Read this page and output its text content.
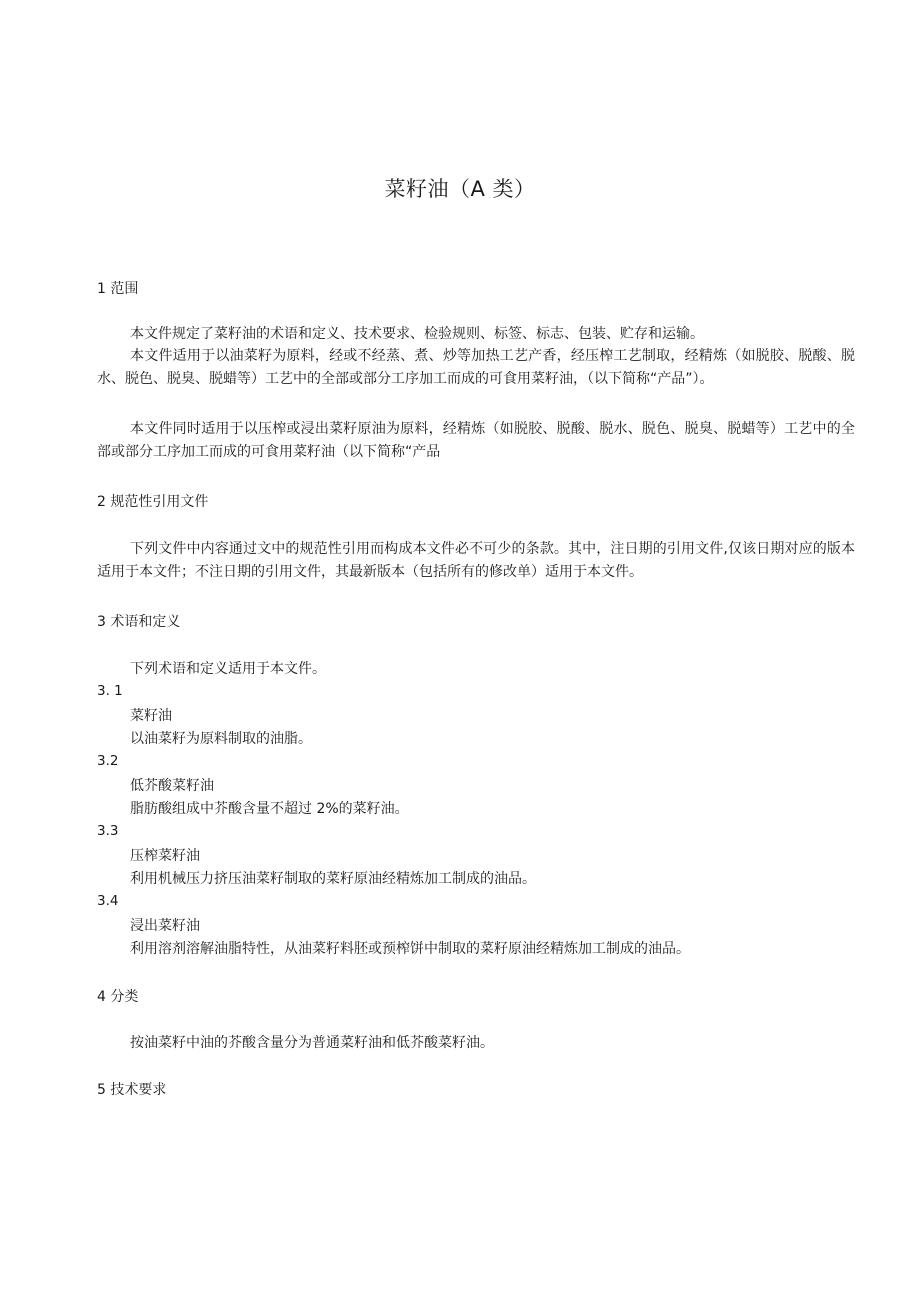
菜籽油（A 类）
1 范围
本文件规定了菜籽油的术语和定义、技术要求、检验规则、标签、标志、包装、贮存和运输。
本文件适用于以油菜籽为原料，经或不经蒸、煮、炒等加热工艺产香，经压榨工艺制取，经精炼（如脱胶、脱酸、脱水、脱色、脱臭、脱蜡等）工艺中的全部或部分工序加工而成的可食用菜籽油，（以下简称“产品”）。
本文件同时适用于以压榨或浸出菜籽原油为原料，经精炼（如脱胶、脱酸、脱水、脱色、脱臭、脱蜡等）工艺中的全部或部分工序加工而成的可食用菜籽油（以下简称“产品
2 规范性引用文件
下列文件中内容通过文中的规范性引用而构成本文件必不可少的条款。其中，注日期的引用文件,仅该日期对应的版本适用于本文件；不注日期的引用文件，其最新版本（包括所有的修改单）适用于本文件。
3 术语和定义
下列术语和定义适用于本文件。
3. 1
菜籽油
以油菜籽为原料制取的油脂。
3.2
低芥酸菜籽油
脂肪酸组成中芥酸含量不超过 2%的菜籽油。
3.3
压榨菜籽油
利用机械压力挤压油菜籽制取的菜籽原油经精炼加工制成的油品。
3.4
浸出菜籽油
利用溶剂溶解油脂特性，从油菜籽料胚或预榨饼中制取的菜籽原油经精炼加工制成的油品。
4 分类
按油菜籽中油的芥酸含量分为普通菜籽油和低芥酸菜籽油。
5 技术要求
